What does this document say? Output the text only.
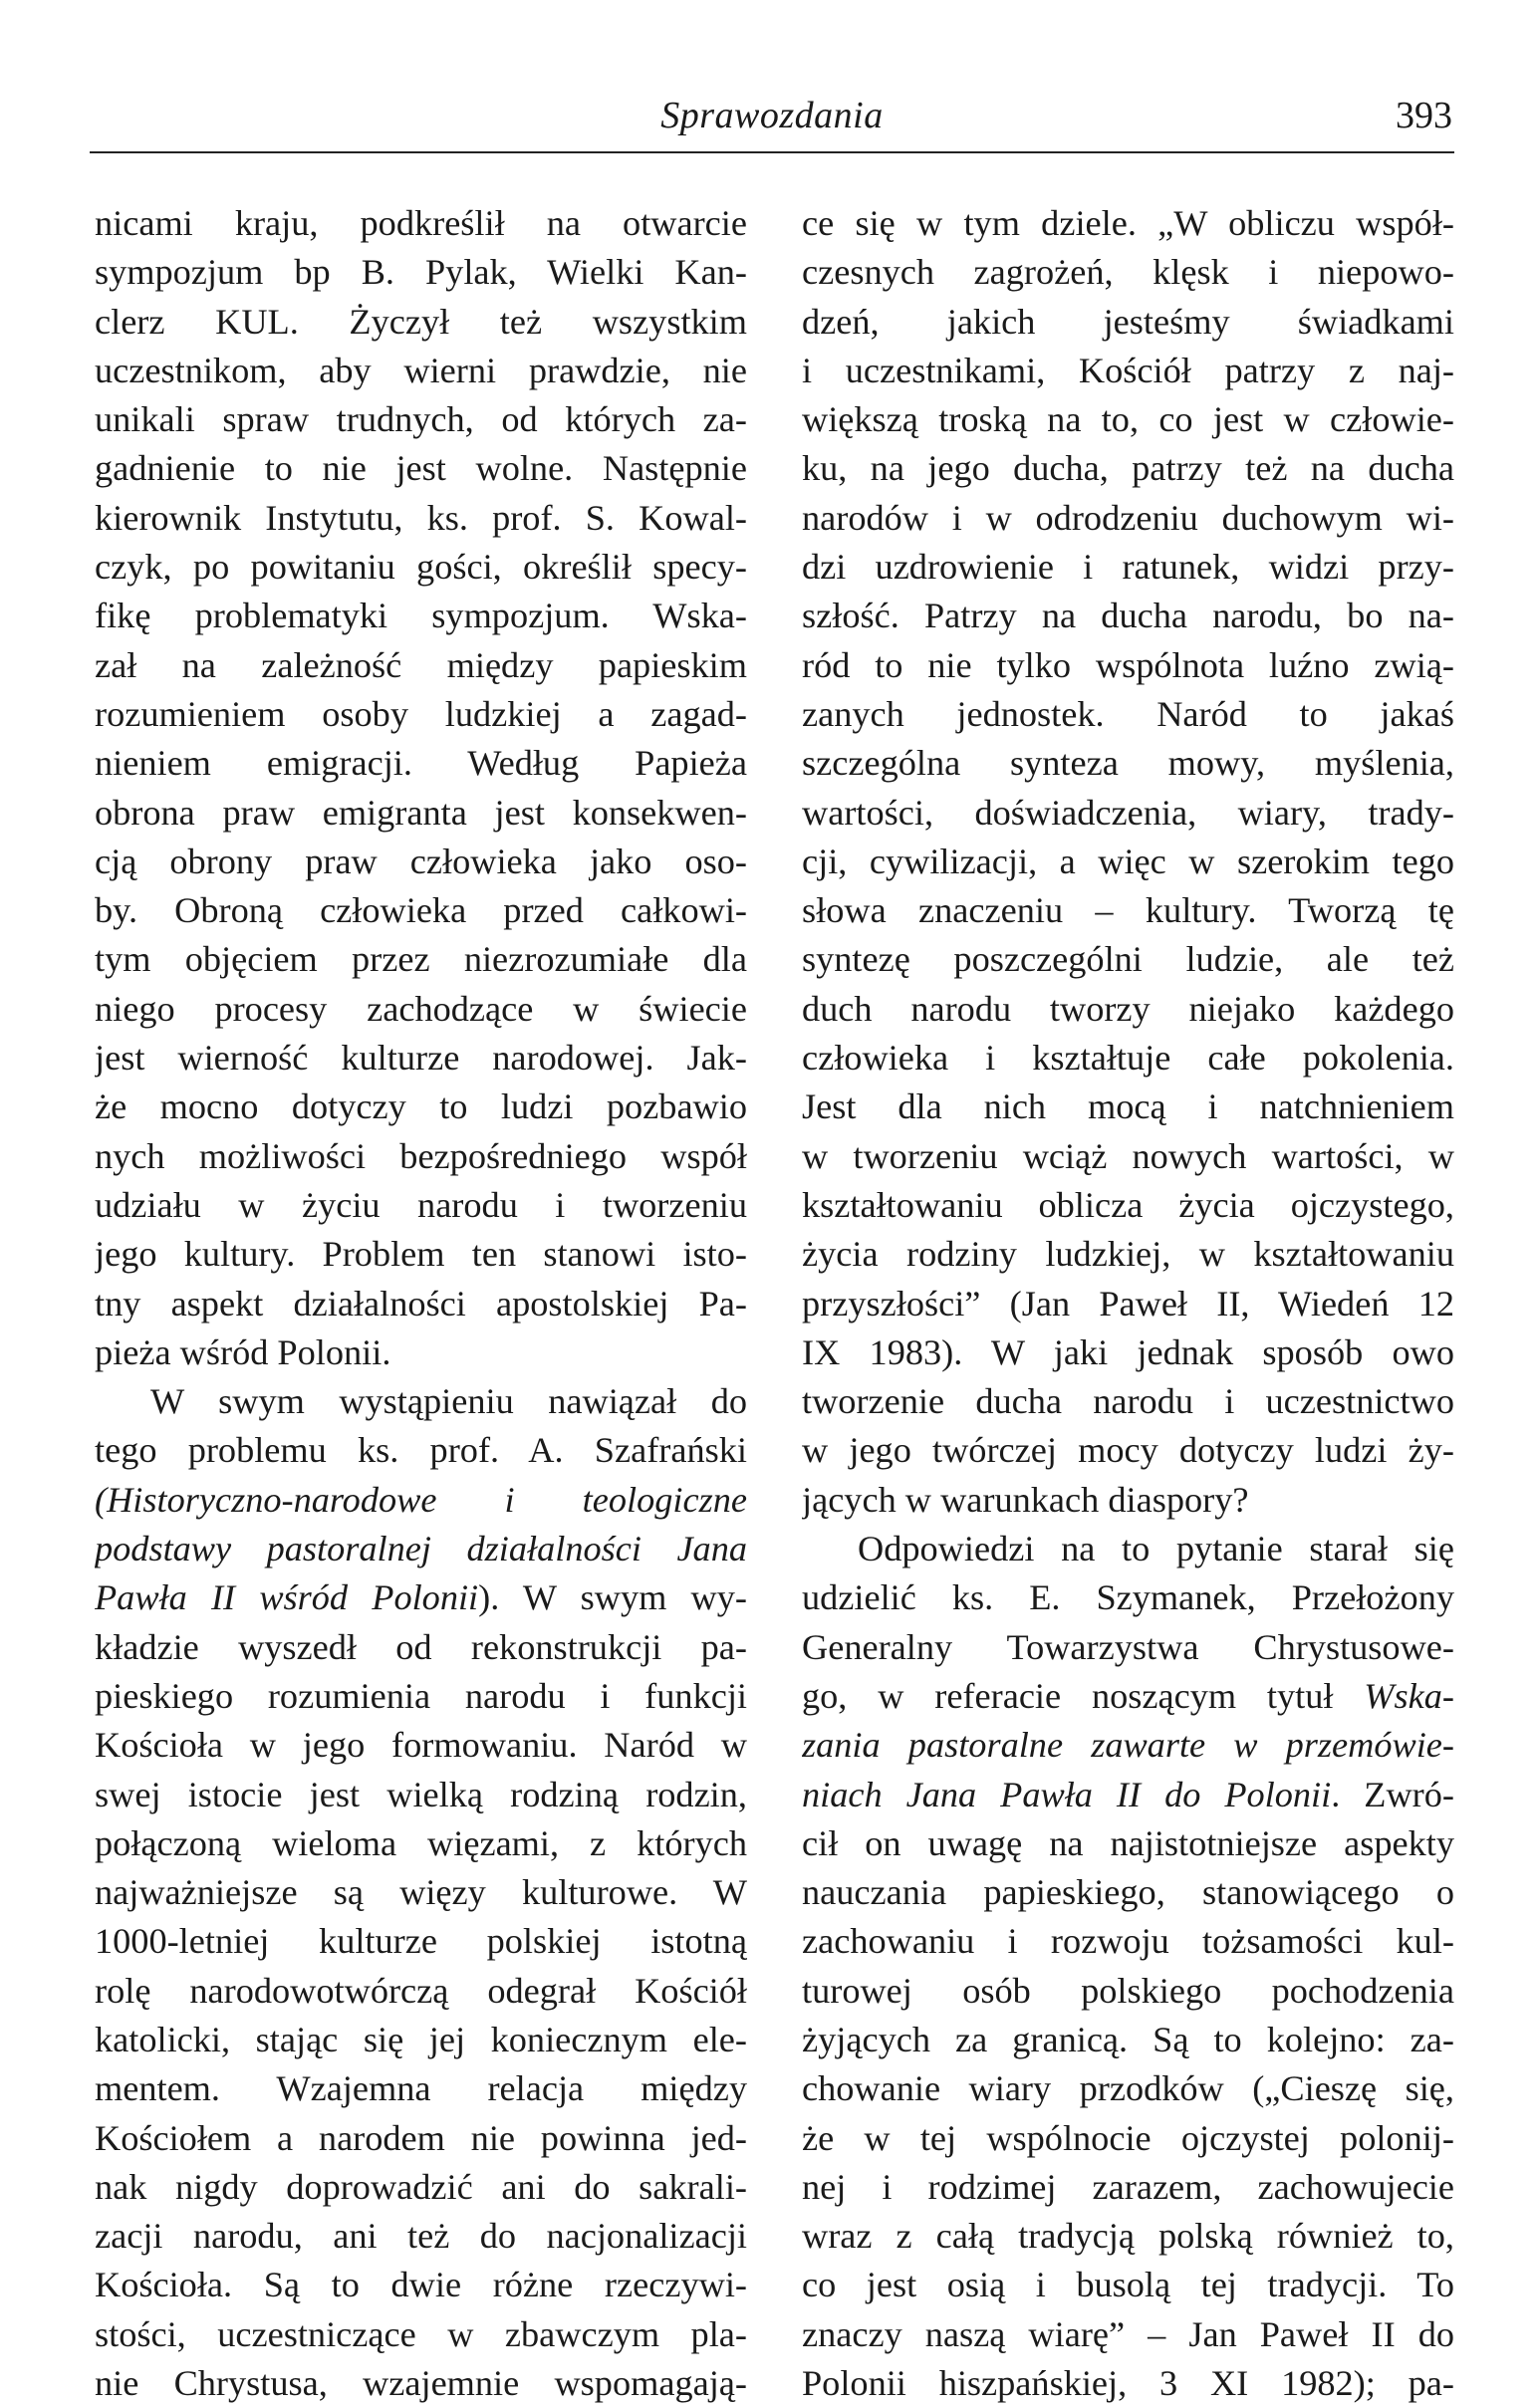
Sprawozdania	393
nicami kraju, podkreślił na otwarcie
sympozjum bp B. Pylak, Wielki Kan-
clerz KUL. Życzył też wszystkim
uczestnikom, aby wierni prawdzie, nie
unikali spraw trudnych, od których za-
gadnienie to nie jest wolne. Następnie
kierownik Instytutu, ks. prof. S. Kowal-
czyk, po powitaniu gości, określił specy-
fikę problematyki sympozjum. Wska-
zał na zależność między papieskim
rozumieniem osoby ludzkiej a zagad-
nieniem emigracji. Według Papieża
obrona praw emigranta jest konsekwen-
cją obrony praw człowieka jako oso-
by. Obroną człowieka przed całkowi-
tym objęciem przez niezrozumiałe dla
niego procesy zachodzące w świecie
jest wierność kulturze narodowej. Jak-
że mocno dotyczy to ludzi pozbawio
nych możliwości bezpośredniego współ
udziału w życiu narodu i tworzeniu
jego kultury. Problem ten stanowi isto-
tny aspekt działalności apostolskiej Pa-
pieża wśród Polonii.
W swym wystąpieniu nawiązał do
tego problemu ks. prof. A. Szafrański
(Historyczno-narodowe i teologiczne
podstawy pastoralnej działalności Jana
Pawła II wśród Polonii). W swym wy-
kładzie wyszedł od rekonstrukcji pa-
pieskiego rozumienia narodu i funkcji
Kościoła w jego formowaniu. Naród w
swej istocie jest wielką rodziną rodzin,
połączoną wieloma więzami, z których
najważniejsze są więzy kulturowe. W
1000-letniej kulturze polskiej istotną
rolę narodowotwórczą odegrał Kościół
katolicki, stając się jej koniecznym ele-
mentem. Wzajemna relacja między
Kościołem a narodem nie powinna jed-
nak nigdy doprowadzić ani do sakrali-
zacji narodu, ani też do nacjonalizacji
Kościoła. Są to dwie różne rzeczywi-
stości, uczestniczące w zbawczym pla-
nie Chrystusa, wzajemnie wspomagają-
ce się w tym dziele. „W obliczu współ-
czesnych zagrożeń, klęsk i niepowo-
dzeń, jakich jesteśmy świadkami
i uczestnikami, Kościół patrzy z naj-
większą troską na to, co jest w człowie-
ku, na jego ducha, patrzy też na ducha
narodów i w odrodzeniu duchowym wi-
dzi uzdrowienie i ratunek, widzi przy-
szłość. Patrzy na ducha narodu, bo na-
ród to nie tylko wspólnota luźno zwią-
zanych jednostek. Naród to jakaś
szczególna synteza mowy, myślenia,
wartości, doświadczenia, wiary, trady-
cji, cywilizacji, a więc w szerokim tego
słowa znaczeniu – kultury. Tworzą tę
syntezę poszczególni ludzie, ale też
duch narodu tworzy niejako każdego
człowieka i kształtuje całe pokolenia.
Jest dla nich mocą i natchnieniem
w tworzeniu wciąż nowych wartości, w
kształtowaniu oblicza życia ojczystego,
życia rodziny ludzkiej, w kształtowaniu
przyszłości” (Jan Paweł II, Wiedeń 12
IX 1983). W jaki jednak sposób owo
tworzenie ducha narodu i uczestnictwo
w jego twórczej mocy dotyczy ludzi ży-
jących w warunkach diaspory?
Odpowiedzi na to pytanie starał się
udzielić ks. E. Szymanek, Przełożony
Generalny Towarzystwa Chrystusowe-
go, w referacie noszącym tytuł Wska-
zania pastoralne zawarte w przemówie-
niach Jana Pawła II do Polonii. Zwró-
cił on uwagę na najistotniejsze aspekty
nauczania papieskiego, stanowiącego o
zachowaniu i rozwoju tożsamości kul-
turowej osób polskiego pochodzenia
żyjących za granicą. Są to kolejno: za-
chowanie wiary przodków („Cieszę się,
że w tej wspólnocie ojczystej polonij-
nej i rodzimej zarazem, zachowujecie
wraz z całą tradycją polską również to,
co jest osią i busolą tej tradycji. To
znaczy naszą wiarę” – Jan Paweł II do
Polonii hiszpańskiej, 3 XI 1982); pa-
